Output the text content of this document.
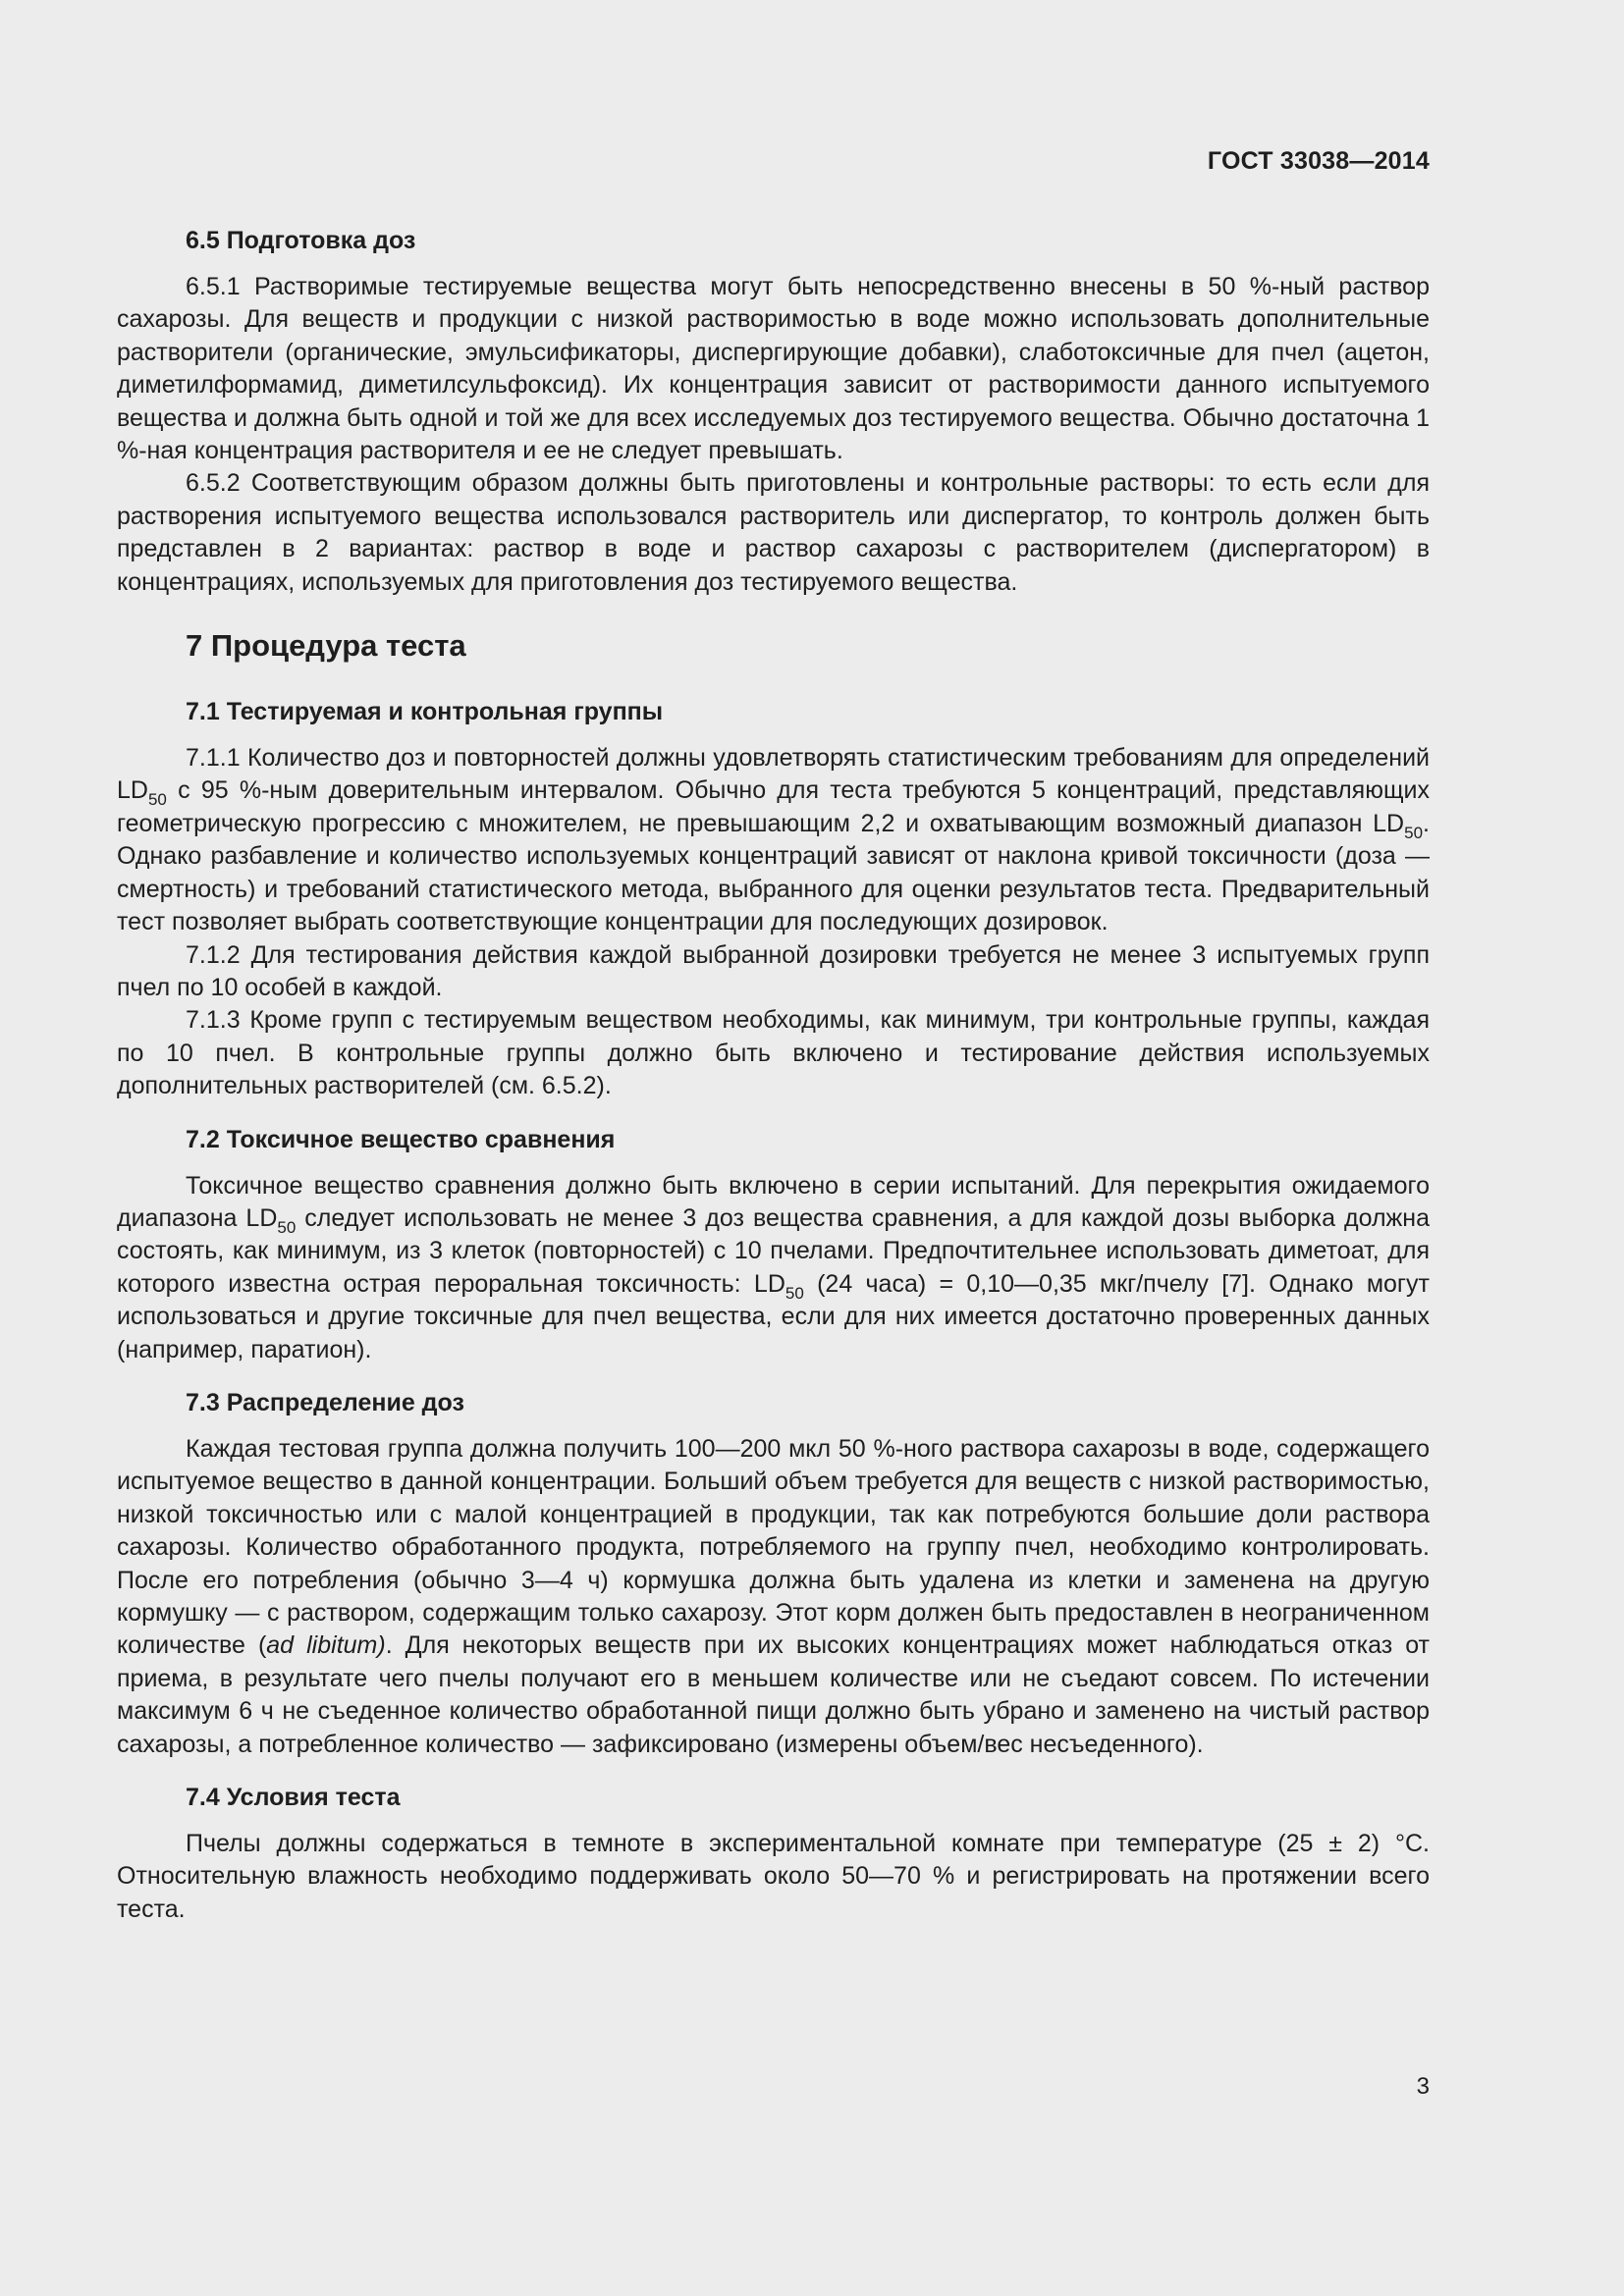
ГОСТ 33038—2014
6.5 Подготовка доз

6.5.1 Растворимые тестируемые вещества могут быть непосредственно внесены в 50 %-ный раствор сахарозы. Для веществ и продукции с низкой растворимостью в воде можно использовать дополнительные растворители (органические, эмульсификаторы, диспергирующие добавки), слаботоксичные для пчел (ацетон, диметилформамид, диметилсульфоксид). Их концентрация зависит от растворимости данного испытуемого вещества и должна быть одной и той же для всех исследуемых доз тестируемого вещества. Обычно достаточна 1 %-ная концентрация растворителя и ее не следует превышать.

6.5.2 Соответствующим образом должны быть приготовлены и контрольные растворы: то есть если для растворения испытуемого вещества использовался растворитель или диспергатор, то контроль должен быть представлен в 2 вариантах: раствор в воде и раствор сахарозы с растворителем (диспергатором) в концентрациях, используемых для приготовления доз тестируемого вещества.

7 Процедура теста
7.1 Тестируемая и контрольная группы

7.1.1 Количество доз и повторностей должны удовлетворять статистическим требованиям для определений $LD_{50}$ с 95 %-ным доверительным интервалом. Обычно для теста требуются 5 концентраций, представляющих геометрическую прогрессию с множителем, не превышающим 2,2 и охватывающим возможный диапазон $LD_{50}$. Однако разбавление и количество используемых концентраций зависят от наклона кривой токсичности (доза — смертность) и требований статистического метода, выбранного для оценки результатов теста. Предварительный тест позволяет выбрать соответствующие концентрации для последующих дозировок.

7.1.2 Для тестирования действия каждой выбранной дозировки требуется не менее 3 испытуемых групп пчел по 10 особей в каждой.

7.1.3 Кроме групп с тестируемым веществом необходимы, как минимум, три контрольные группы, каждая по 10 пчел. В контрольные группы должно быть включено и тестирование действия используемых дополнительных растворителей (см. 6.5.2).

7.2 Токсичное вещество сравнения

Токсичное вещество сравнения должно быть включено в серии испытаний. Для перекрытия ожидаемого диапазона $LD_{50}$ следует использовать не менее 3 доз вещества сравнения, а для каждой дозы выборка должна состоять, как минимум, из 3 клеток (повторностей) с 10 пчелами. Предпочтительнее использовать диметоат, для которого известна острая пероральная токсичность: $LD_{50}$ (24 часа) = 0,10—0,35 мкг/пчелу [7]. Однако могут использоваться и другие токсичные для пчел вещества, если для них имеется достаточно проверенных данных (например, паратион).

7.3 Распределение доз

Каждая тестовая группа должна получить 100—200 мкл 50 %-ного раствора сахарозы в воде, содержащего испытуемое вещество в данной концентрации. Больший объем требуется для веществ с низкой растворимостью, низкой токсичностью или с малой концентрацией в продукции, так как потребуются большие доли раствора сахарозы. Количество обработанного продукта, потребляемого на группу пчел, необходимо контролировать. После его потребления (обычно 3—4 ч) кормушка должна быть удалена из клетки и заменена на другую кормушку — с раствором, содержащим только сахарозу. Этот корм должен быть предоставлен в неограниченном количестве (ad libitum). Для некоторых веществ при их высоких концентрациях может наблюдаться отказ от приема, в результате чего пчелы получают его в меньшем количестве или не съедают совсем. По истечении максимум 6 ч не съеденное количество обработанной пищи должно быть убрано и заменено на чистый раствор сахарозы, а потребленное количество — зафиксировано (измерены объем/вес несъеденного).

7.4 Условия теста

Пчелы должны содержаться в темноте в экспериментальной комнате при температуре (25 ± 2) °С. Относительную влажность необходимо поддерживать около 50—70 % и регистрировать на протяжении всего теста.

3
